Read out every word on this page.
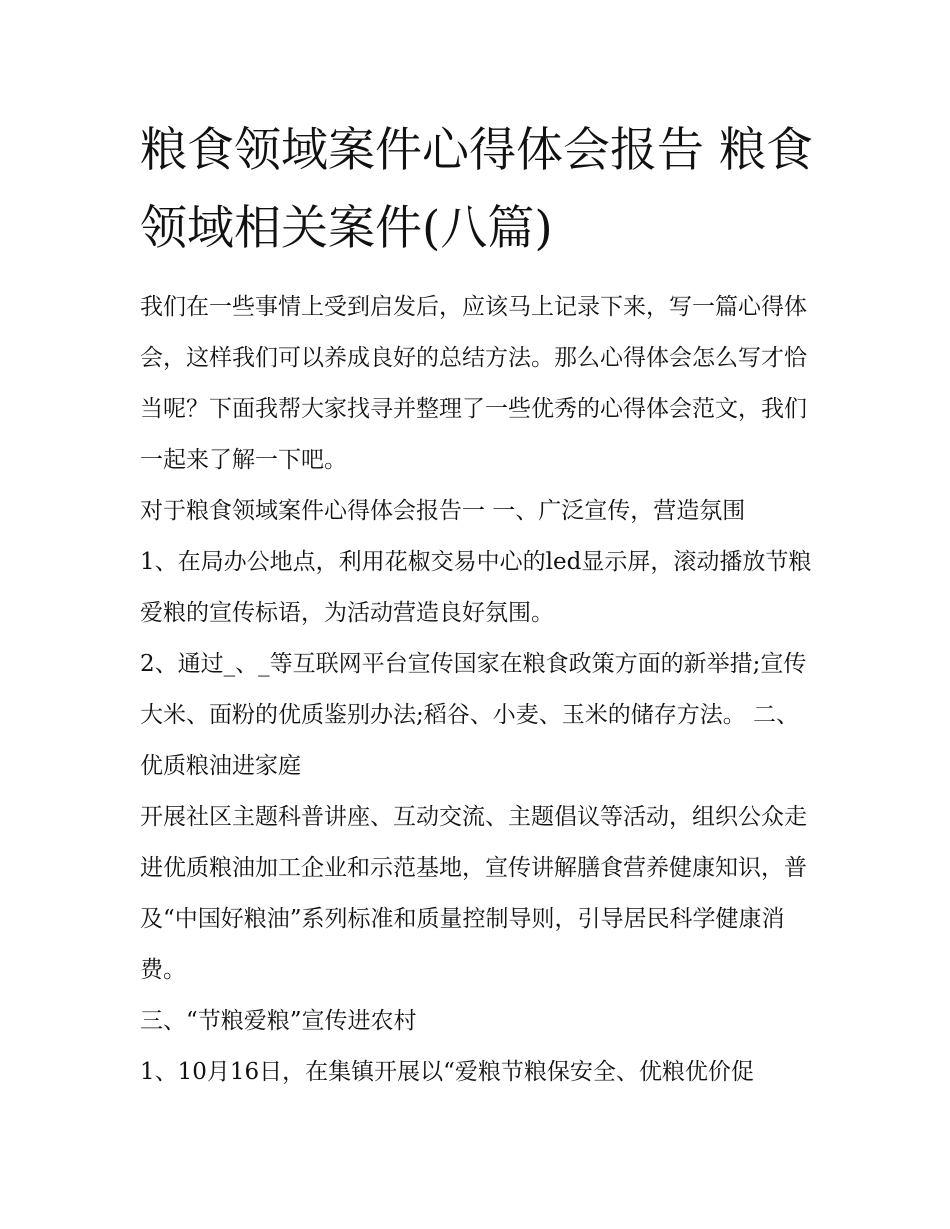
粮食领域案件心得体会报告 粮食领域相关案件(八篇)

我们在一些事情上受到启发后，应该马上记录下来，写一篇心得体会，这样我们可以养成良好的总结方法。那么心得体会怎么写才恰当呢？下面我帮大家找寻并整理了一些优秀的心得体会范文，我们一起来了解一下吧。

对于粮食领域案件心得体会报告一 一、广泛宣传，营造氛围

1、在局办公地点，利用花椒交易中心的led显示屏，滚动播放节粮爱粮的宣传标语，为活动营造良好氛围。

2、通过_、_等互联网平台宣传国家在粮食政策方面的新举措;宣传大米、面粉的优质鉴别办法;稻谷、小麦、玉米的储存方法。 二、优质粮油进家庭

开展社区主题科普讲座、互动交流、主题倡议等活动，组织公众走进优质粮油加工企业和示范基地，宣传讲解膳食营养健康知识，普及“中国好粮油”系列标准和质量控制导则，引导居民科学健康消费。

三、“节粮爱粮”宣传进农村

1、10月16日，在集镇开展以“爱粮节粮保安全、优粮优价促
